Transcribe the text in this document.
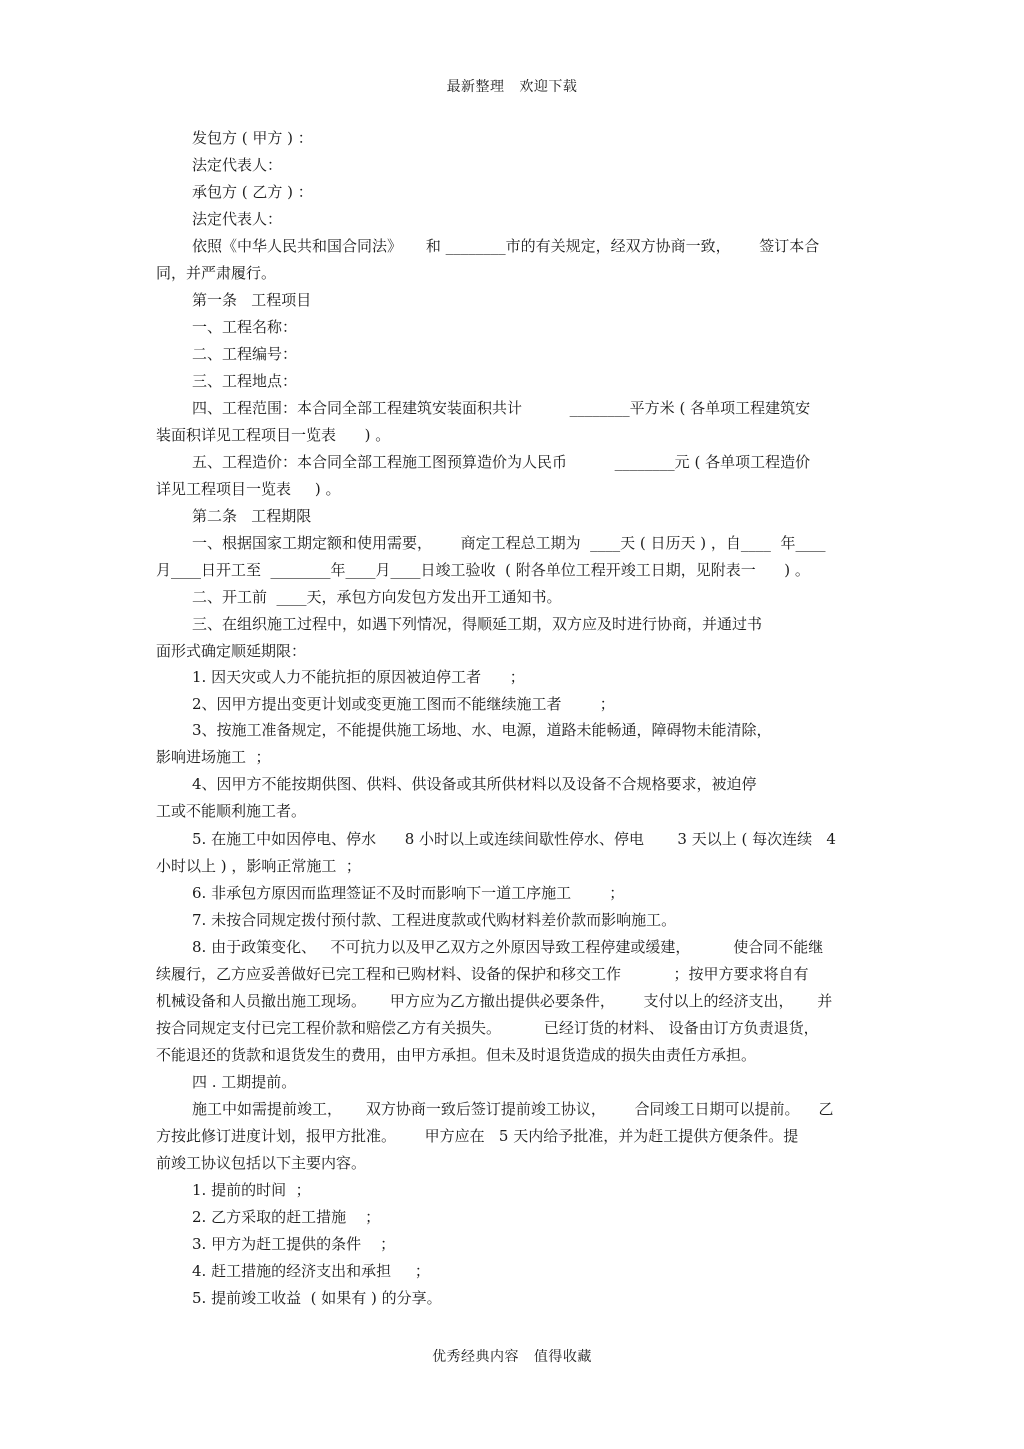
最新整理   欢迎下载
发包方 ( 甲方 ) ：
法定代表人：
承包方 ( 乙方 ) ：
法定代表人：
依照《中华人民共和国合同法》     和 ________市的有关规定，经双方协商一致，      签订本合
同，并严肃履行。
第一条   工程项目
一、工程名称：
二、工程编号：
三、工程地点：
四、工程范围：本合同全部工程建筑安装面积共计          ________平方米 ( 各单项工程建筑安
装面积详见工程项目一览表      ) 。
五、工程造价：本合同全部工程施工图预算造价为人民币          ________元 ( 各单项工程造价
详见工程项目一览表     ) 。
第二条   工程期限
一、根据国家工期定额和使用需要，      商定工程总工期为  ____天 ( 日历天 ) ，自____  年____
月____日开工至  ________年____月____日竣工验收  ( 附各单位工程开竣工日期，见附表一      ) 。
二、开工前  ____天，承包方向发包方发出开工通知书。
三、在组织施工过程中，如遇下列情况，得顺延工期，双方应及时进行协商，并通过书
面形式确定顺延期限：
1. 因天灾或人力不能抗拒的原因被迫停工者      ；
2、因甲方提出变更计划或变更施工图而不能继续施工者        ；
3、按施工准备规定，不能提供施工场地、水、电源，道路未能畅通，障碍物未能清除，
影响进场施工  ；
4、因甲方不能按期供图、供料、供设备或其所供材料以及设备不合规格要求，被迫停
工或不能顺利施工者。
5. 在施工中如因停电、停水      8 小时以上或连续间歇性停水、停电       3 天以上 ( 每次连续   4
小时以上 ) ，影响正常施工  ；
6. 非承包方原因而监理签证不及时而影响下一道工序施工        ；
7. 未按合同规定拨付预付款、工程进度款或代购材料差价款而影响施工。
8. 由于政策变化、   不可抗力以及甲乙双方之外原因导致工程停建或缓建，         使合同不能继
续履行，乙方应妥善做好已完工程和已购材料、设备的保护和移交工作           ；按甲方要求将自有
机械设备和人员撤出施工现场。     甲方应为乙方撤出提供必要条件，      支付以上的经济支出，     并
按合同规定支付已完工程价款和赔偿乙方有关损失。         已经订货的材料、 设备由订方负责退货，
不能退还的货款和退货发生的费用，由甲方承担。但未及时退货造成的损失由责任方承担。
四 . 工期提前。
施工中如需提前竣工，     双方协商一致后签订提前竣工协议，      合同竣工日期可以提前。    乙
方按此修订进度计划，报甲方批准。      甲方应在   5 天内给予批准，并为赶工提供方便条件。提
前竣工协议包括以下主要内容。
1. 提前的时间  ；
2. 乙方采取的赶工措施    ；
3. 甲方为赶工提供的条件    ；
4. 赶工措施的经济支出和承担     ；
5. 提前竣工收益  ( 如果有 ) 的分享。
优秀经典内容   值得收藏
